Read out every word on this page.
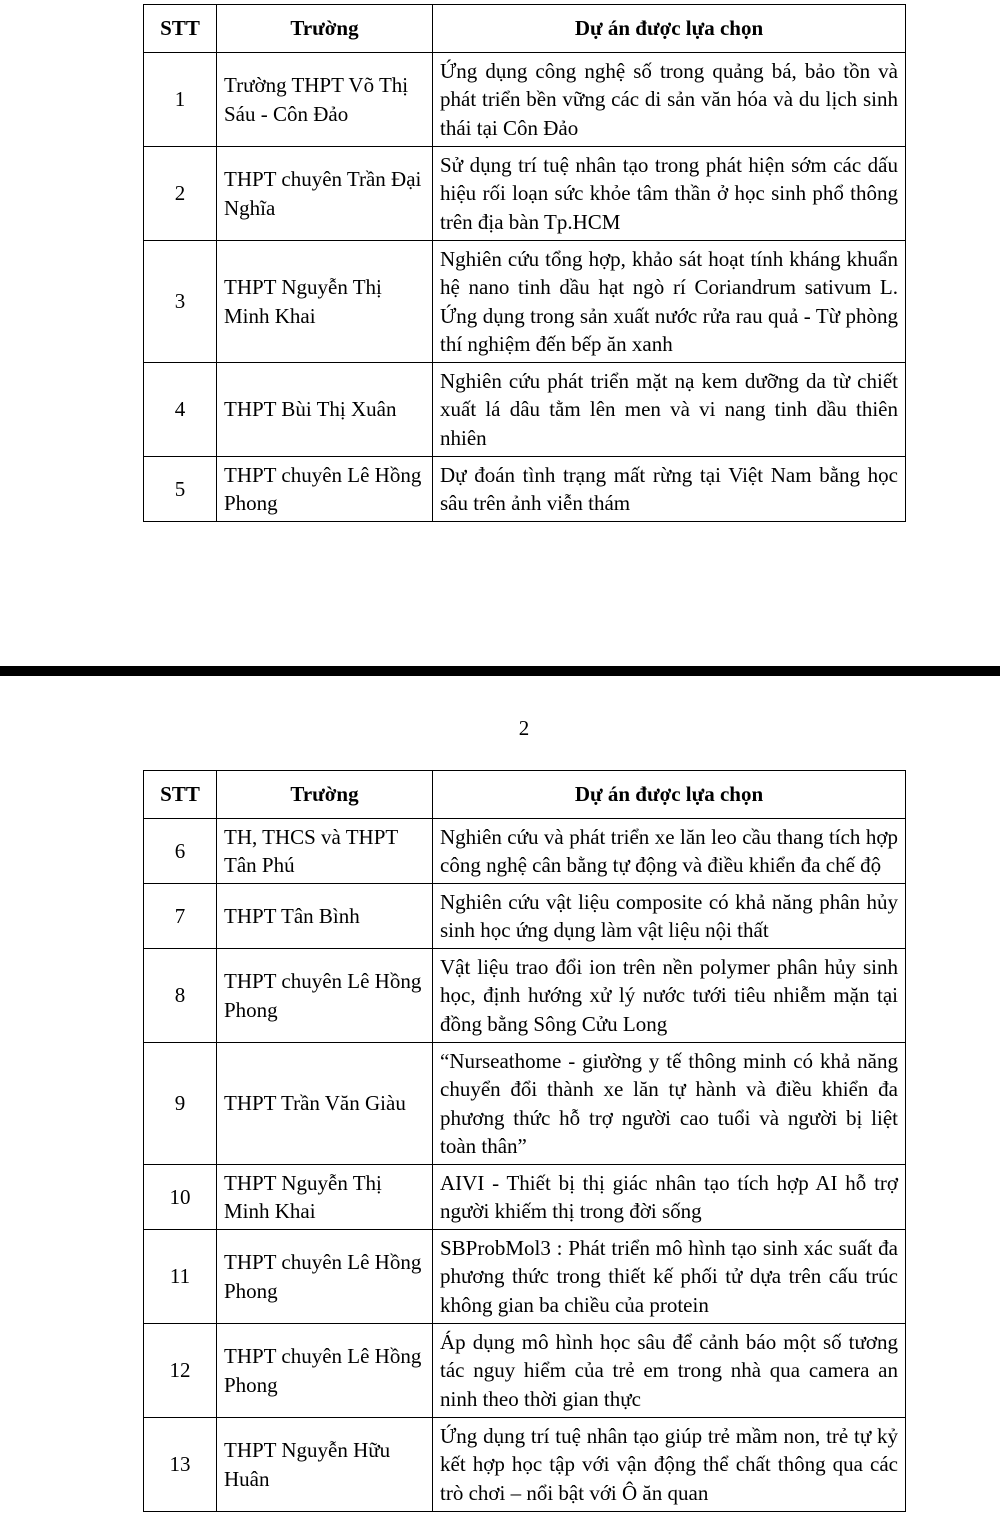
STT	Trường	Dự án được lựa chọn
1	Trường THPT Võ Thị Sáu - Côn Đảo	Ứng dụng công nghệ số trong quảng bá, bảo tồn và phát triển bền vững các di sản văn hóa và du lịch sinh thái tại Côn Đảo
2	THPT chuyên Trần Đại Nghĩa	Sử dụng trí tuệ nhân tạo trong phát hiện sớm các dấu hiệu rối loạn sức khỏe tâm thần ở học sinh phổ thông trên địa bàn Tp.HCM
3	THPT Nguyễn Thị Minh Khai	Nghiên cứu tổng hợp, khảo sát hoạt tính kháng khuẩn hệ nano tinh dầu hạt ngò rí Coriandrum sativum L. Ứng dụng trong sản xuất nước rửa rau quả - Từ phòng thí nghiệm đến bếp ăn xanh
4	THPT Bùi Thị Xuân	Nghiên cứu phát triển mặt nạ kem dưỡng da từ chiết xuất lá dâu tằm lên men và vi nang tinh dầu thiên nhiên
5	THPT chuyên Lê Hồng Phong	Dự đoán tình trạng mất rừng tại Việt Nam bằng học sâu trên ảnh viễn thám
2
STT	Trường	Dự án được lựa chọn
6	TH, THCS và THPT Tân Phú	Nghiên cứu và phát triển xe lăn leo cầu thang tích hợp công nghệ cân bằng tự động và điều khiển đa chế độ
7	THPT Tân Bình	Nghiên cứu vật liệu composite có khả năng phân hủy sinh học ứng dụng làm vật liệu nội thất
8	THPT chuyên Lê Hồng Phong	Vật liệu trao đổi ion trên nền polymer phân hủy sinh học, định hướng xử lý nước tưới tiêu nhiễm mặn tại đồng bằng Sông Cửu Long
9	THPT Trần Văn Giàu	“Nurseathome - giường y tế thông minh có khả năng chuyển đổi thành xe lăn tự hành và điều khiển đa phương thức hỗ trợ người cao tuổi và người bị liệt toàn thân”
10	THPT Nguyễn Thị Minh Khai	AIVI - Thiết bị thị giác nhân tạo tích hợp AI hỗ trợ người khiếm thị trong đời sống
11	THPT chuyên Lê Hồng Phong	SBProbMol3 : Phát triển mô hình tạo sinh xác suất đa phương thức trong thiết kế phối tử dựa trên cấu trúc không gian ba chiều của protein
12	THPT chuyên Lê Hồng Phong	Áp dụng mô hình học sâu để cảnh báo một số tương tác nguy hiểm của trẻ em trong nhà qua camera an ninh theo thời gian thực
13	THPT Nguyễn Hữu Huân	Ứng dụng trí tuệ nhân tạo giúp trẻ mầm non, trẻ tự kỷ kết hợp học tập với vận động thể chất thông qua các trò chơi – nổi bật với Ô ăn quan
